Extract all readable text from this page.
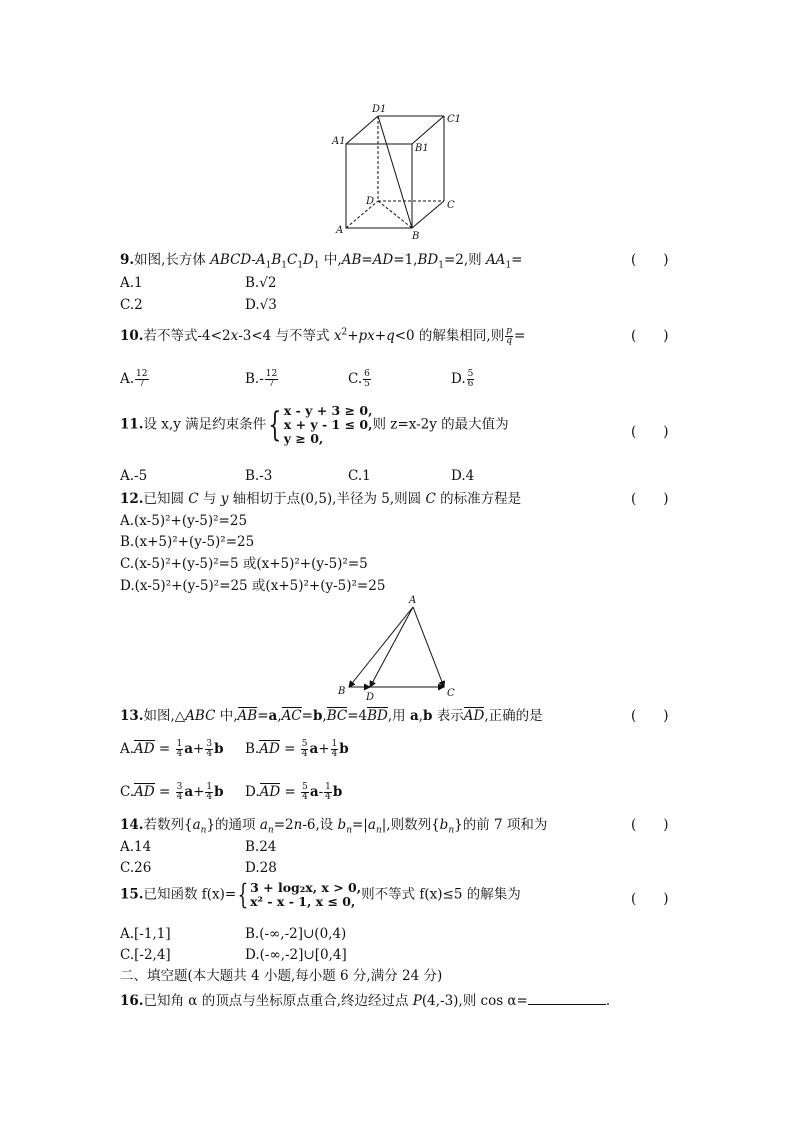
D1
C1
A1
B1
D	C
A
B
9.如图,长方体 ABCD-$A_1B_1C_1D_1$ 中$,AB=AD=1,BD_1=2$,则 $AA_1=$	(　　)
A.1	B.√2
C.2	D.√3
10.若不等式-4<2x-3<4 与不等式 $x^2+px+q<0$ 的解集相同,则 $\frac{p}{q}$ =	(　　)
A. $\frac{12}{7}$	$B.- \frac{12}{7}$	C. $\frac{6}{5}$	D. $\frac{5}{6}$
11.设 x,y 满足约束条件{ x - y + 3 ≥ 0,
x + y - 1 ≤ 0,
y ≥ 0,
则 z=x-2y 的最大值为	(　　)
A.-5	B.-3	C.1	D.4
12.已知圆 C 与 y 轴相切于点(0,5),半径为 5,则圆 C 的标准方程是	(　　)
A.(x-5)²+(y-5)²=25
B.(x+5)²+(y-5)²=25
C.(x-5)²+(y-5)²=5 或(x+5)²+(y-5)²=5
D.(x-5)²+(y-5)²=25 或(x+5)²+(y-5)²=25
A
B
D	C
13.如图,△ABC 中,AB=a,AC=b,BC=4BD,用 a,b 表示AD,正确的是	(　　)
$A.AD = \frac{1}{4} a+ \frac{3}{4}$ b $B.AD = \frac{5}{4} a+ \frac{1}{4}$ b
$C.AD = \frac{3}{4} a+ \frac{1}{4}$ b $D.AD = \frac{5}{4} a- \frac{1}{4}$ b
14.若数列$\{a_n\}$的通项 $a_n=2n-6$,设 $b_n=|a_n|$,则数列$\{b_n\}$的前 7 项和为	(　　)
A.14	B.24
C.26	D.28
15.已知函数 f(x)={ 3 + log₂x, x > 0,
x² - x - 1, x ≤ 0, 则不等式 f(x)≤5 的解集为	(　　)
A.[-1,1]	B.(-∞,-2]∪(0,4)
C.[-2,4]	D.(-∞,-2]∪[0,4]
二、填空题(本大题共 4 小题,每小题 6 分,满分 24 分)
16.已知角 α 的顶点与坐标原点重合,终边经过点 P(4,-3),则 cos α=	.
